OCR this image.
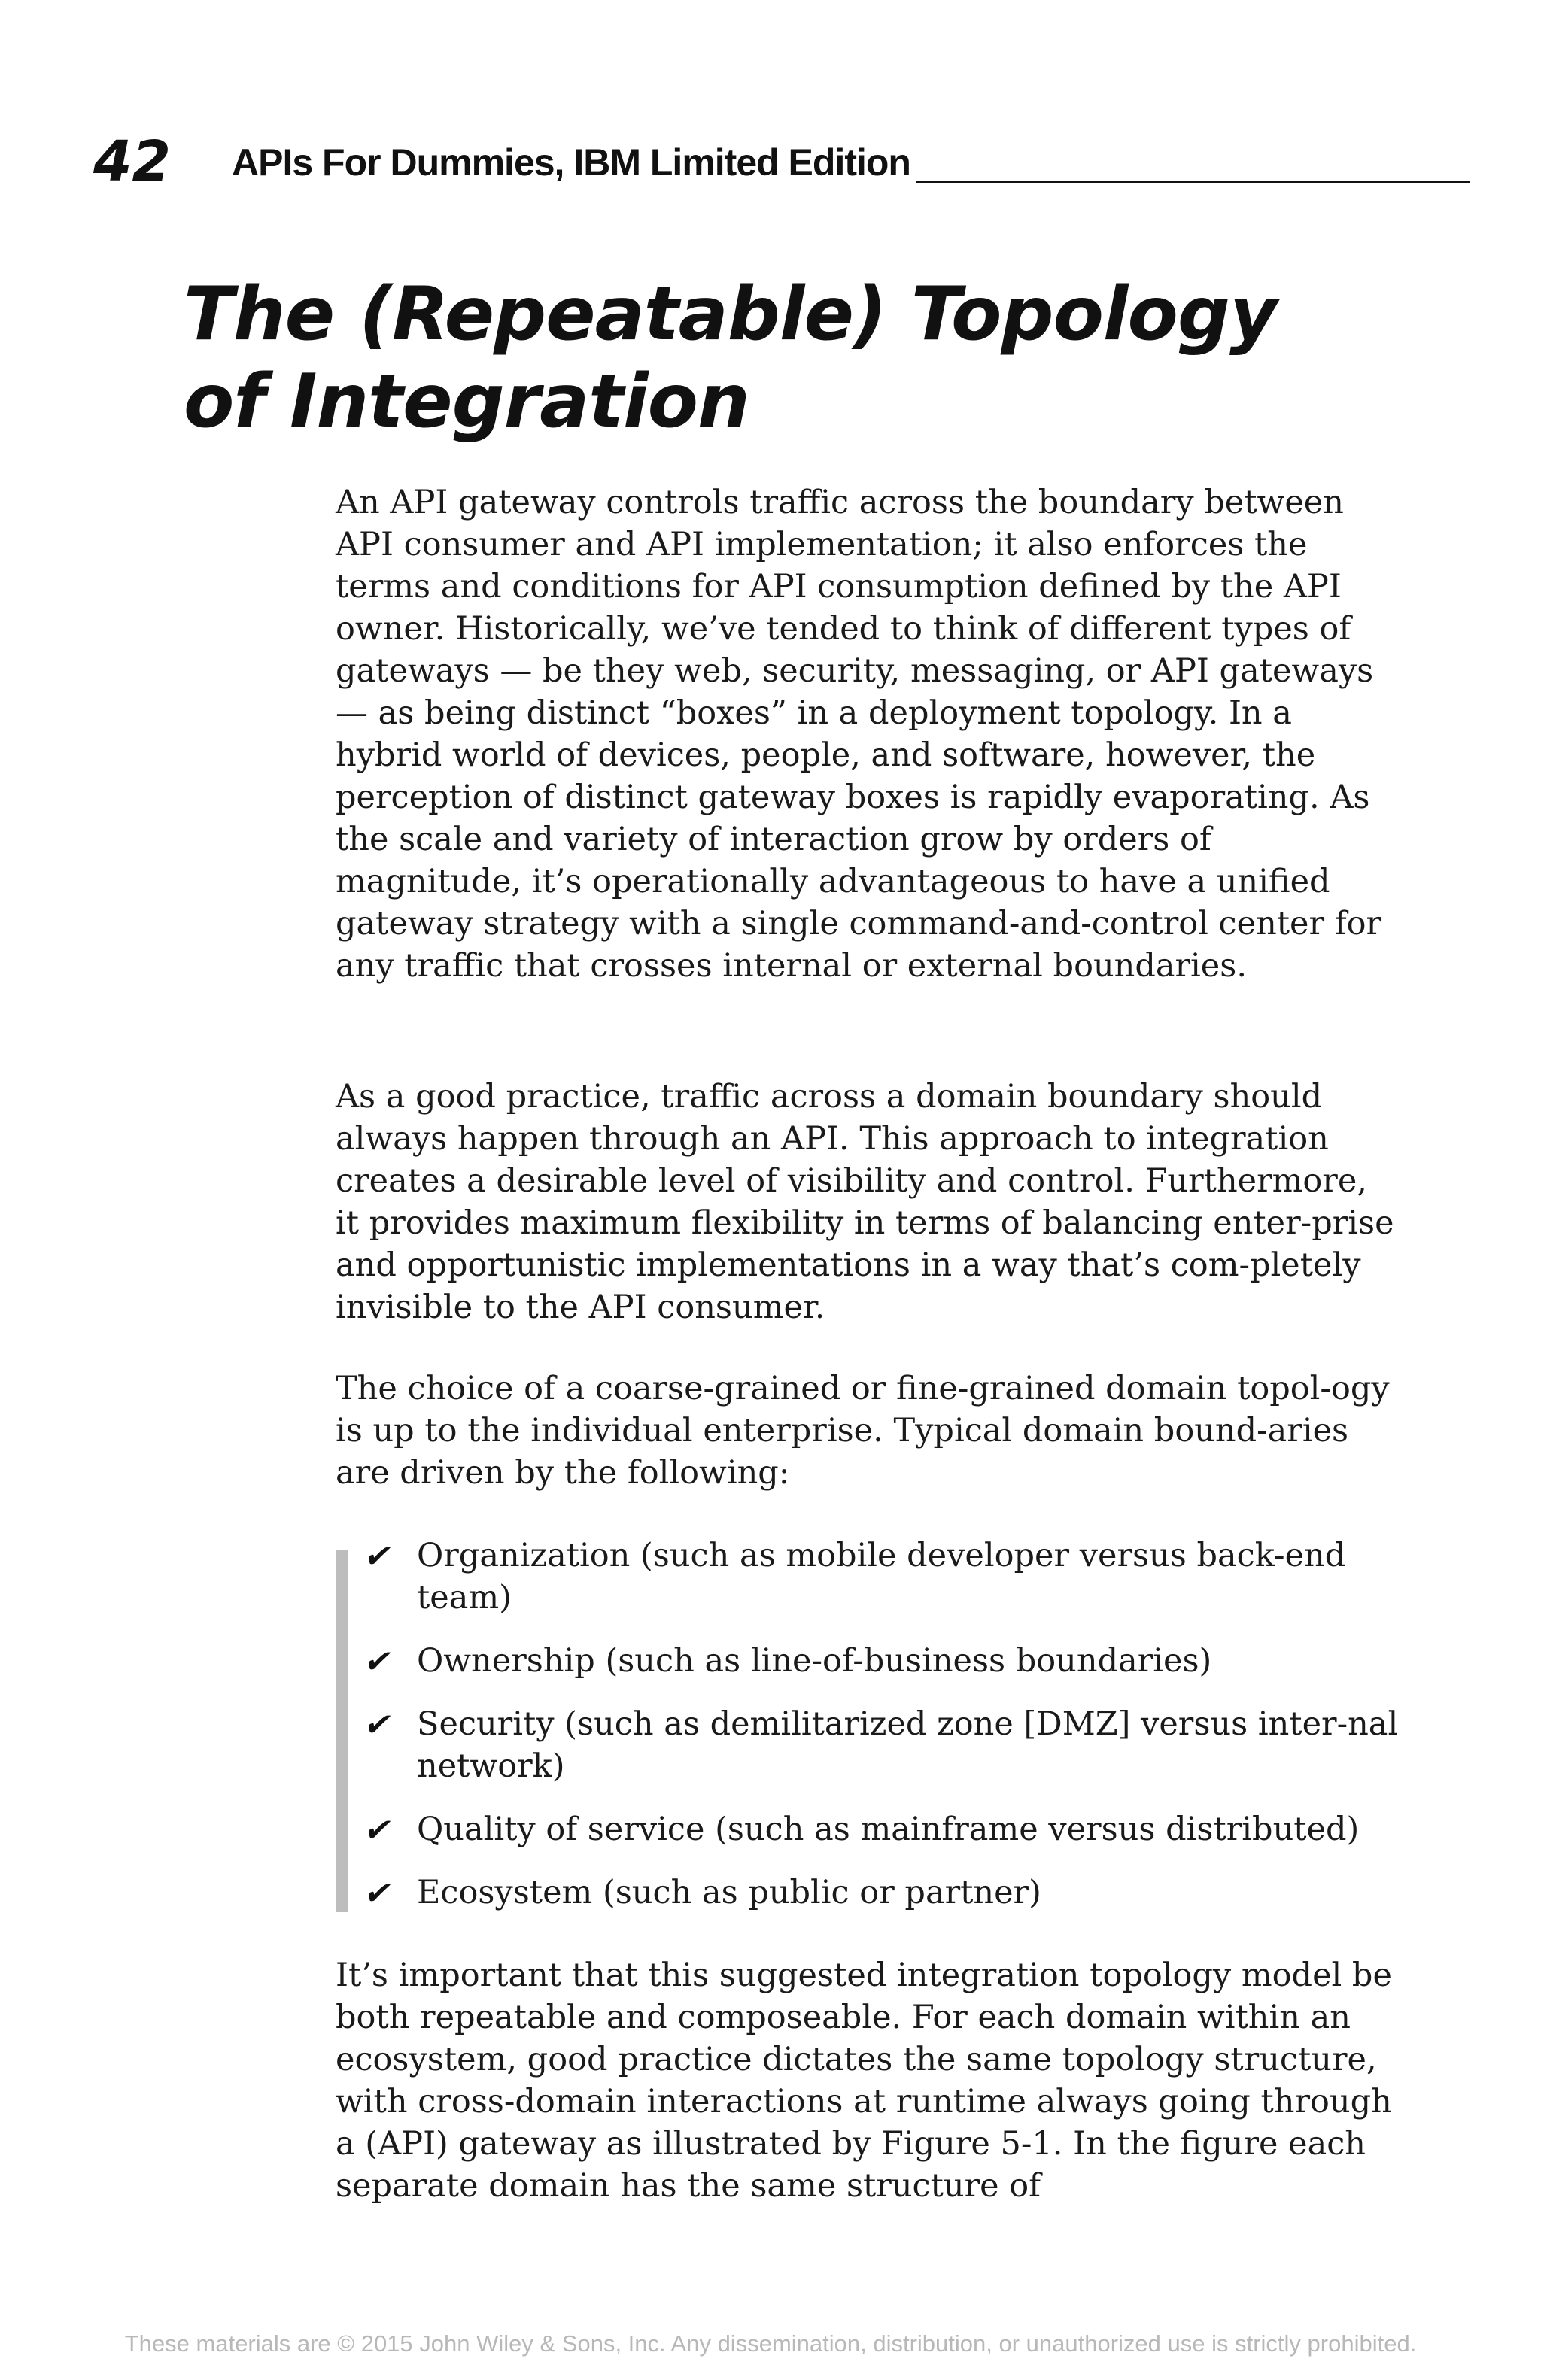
42 APIs For Dummies, IBM Limited Edition
The (Repeatable) Topology
of Integration

An API gateway controls traffic across the boundary between API consumer and API implementation; it also enforces the terms and conditions for API consumption defined by the API owner. Historically, we’ve tended to think of different types of gateways — be they web, security, messaging, or API gateways — as being distinct “boxes” in a deployment topology. In a hybrid world of devices, people, and software, however, the perception of distinct gateway boxes is rapidly evaporating. As the scale and variety of interaction grow by orders of magnitude, it’s operationally advantageous to have a unified gateway strategy with a single command-and-control center for any traffic that crosses internal or external boundaries.

As a good practice, traffic across a domain boundary should always happen through an API. This approach to integration creates a desirable level of visibility and control. Furthermore, it provides maximum flexibility in terms of balancing enter-prise and opportunistic implementations in a way that’s com-pletely invisible to the API consumer.

The choice of a coarse-grained or fine-grained domain topol-ogy is up to the individual enterprise. Typical domain bound-aries are driven by the following:

✔ Organization (such as mobile developer versus back-end team)
✔ Ownership (such as line-of-business boundaries)
✔ Security (such as demilitarized zone [DMZ] versus inter-nal network)
✔ Quality of service (such as mainframe versus distributed)
✔ Ecosystem (such as public or partner)

It’s important that this suggested integration topology model be both repeatable and composeable. For each domain within an ecosystem, good practice dictates the same topology structure, with cross-domain interactions at runtime always going through a (API) gateway as illustrated by Figure 5-1. In the figure each separate domain has the same structure of

These materials are © 2015 John Wiley & Sons, Inc. Any dissemination, distribution, or unauthorized use is strictly prohibited.
